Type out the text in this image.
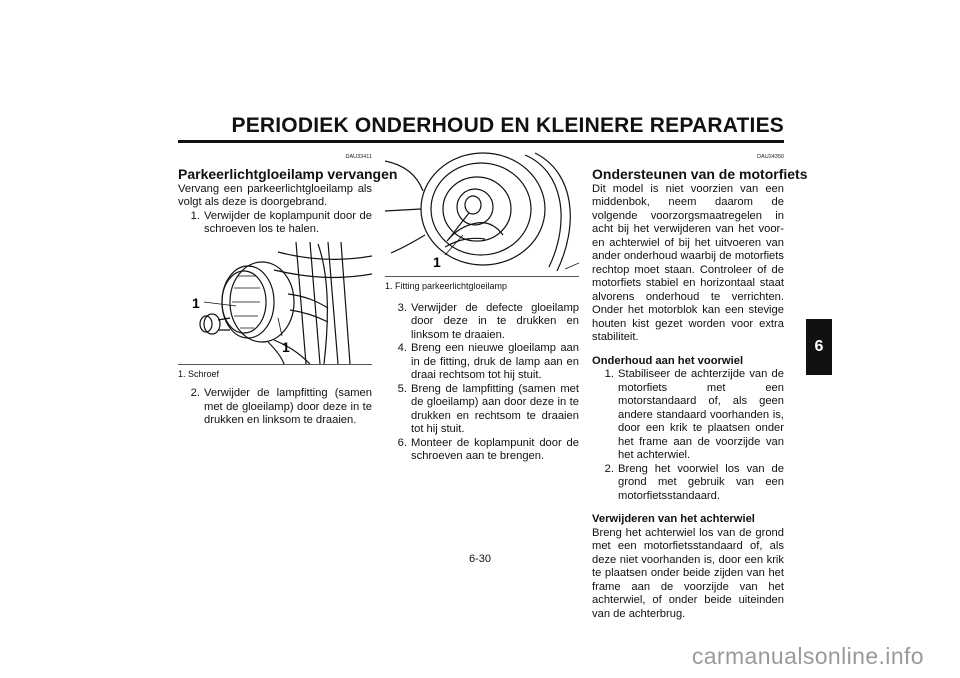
PERIODIEK ONDERHOUD EN KLEINERE REPARATIES
6
DAU33411
Parkeerlichtgloeilamp vervangen

Vervang een parkeerlichtgloeilamp als volgt als deze is doorgebrand.

1. Verwijder de koplampunit door de schroeven los te halen.
1
1
1. Schroef
2. Verwijder de lampfitting (samen met de gloeilamp) door deze in te drukken en linksom te draaien.
1
1. Fitting parkeerlichtgloeilamp
3. Verwijder de defecte gloeilamp door deze in te drukken en linksom te draaien.
4. Breng een nieuwe gloeilamp aan in de fitting, druk de lamp aan en draai rechtsom tot hij stuit.
5. Breng de lampfitting (samen met de gloeilamp) aan door deze in te drukken en rechtsom te draaien tot hij stuit.
6. Monteer de koplampunit door de schroeven aan te brengen.
DAU24350
Ondersteunen van de motorfiets

Dit model is niet voorzien van een middenbok, neem daarom de volgende voorzorgsmaatregelen in acht bij het verwijderen van het voor- en achterwiel of bij het uitvoeren van ander onderhoud waarbij de motorfiets rechtop moet staan. Controleer of de motorfiets stabiel en horizontaal staat alvorens onderhoud te verrichten. Onder het motorblok kan een stevige houten kist gezet worden voor extra stabiliteit.

Onderhoud aan het voorwiel
1. Stabiliseer de achterzijde van de motorfiets met een motorstandaard of, als geen andere standaard voorhanden is, door een krik te plaatsen onder het frame aan de voorzijde van het achterwiel.
2. Breng het voorwiel los van de grond met gebruik van een motorfietsstandaard.
Verwijderen van het achterwiel

Breng het achterwiel los van de grond met een motorfietsstandaard of, als deze niet voorhanden is, door een krik te plaatsen onder beide zijden van het frame aan de voorzijde van het achterwiel, of onder beide uiteinden van de achterbrug.

6-30
carmanualsonline.info
